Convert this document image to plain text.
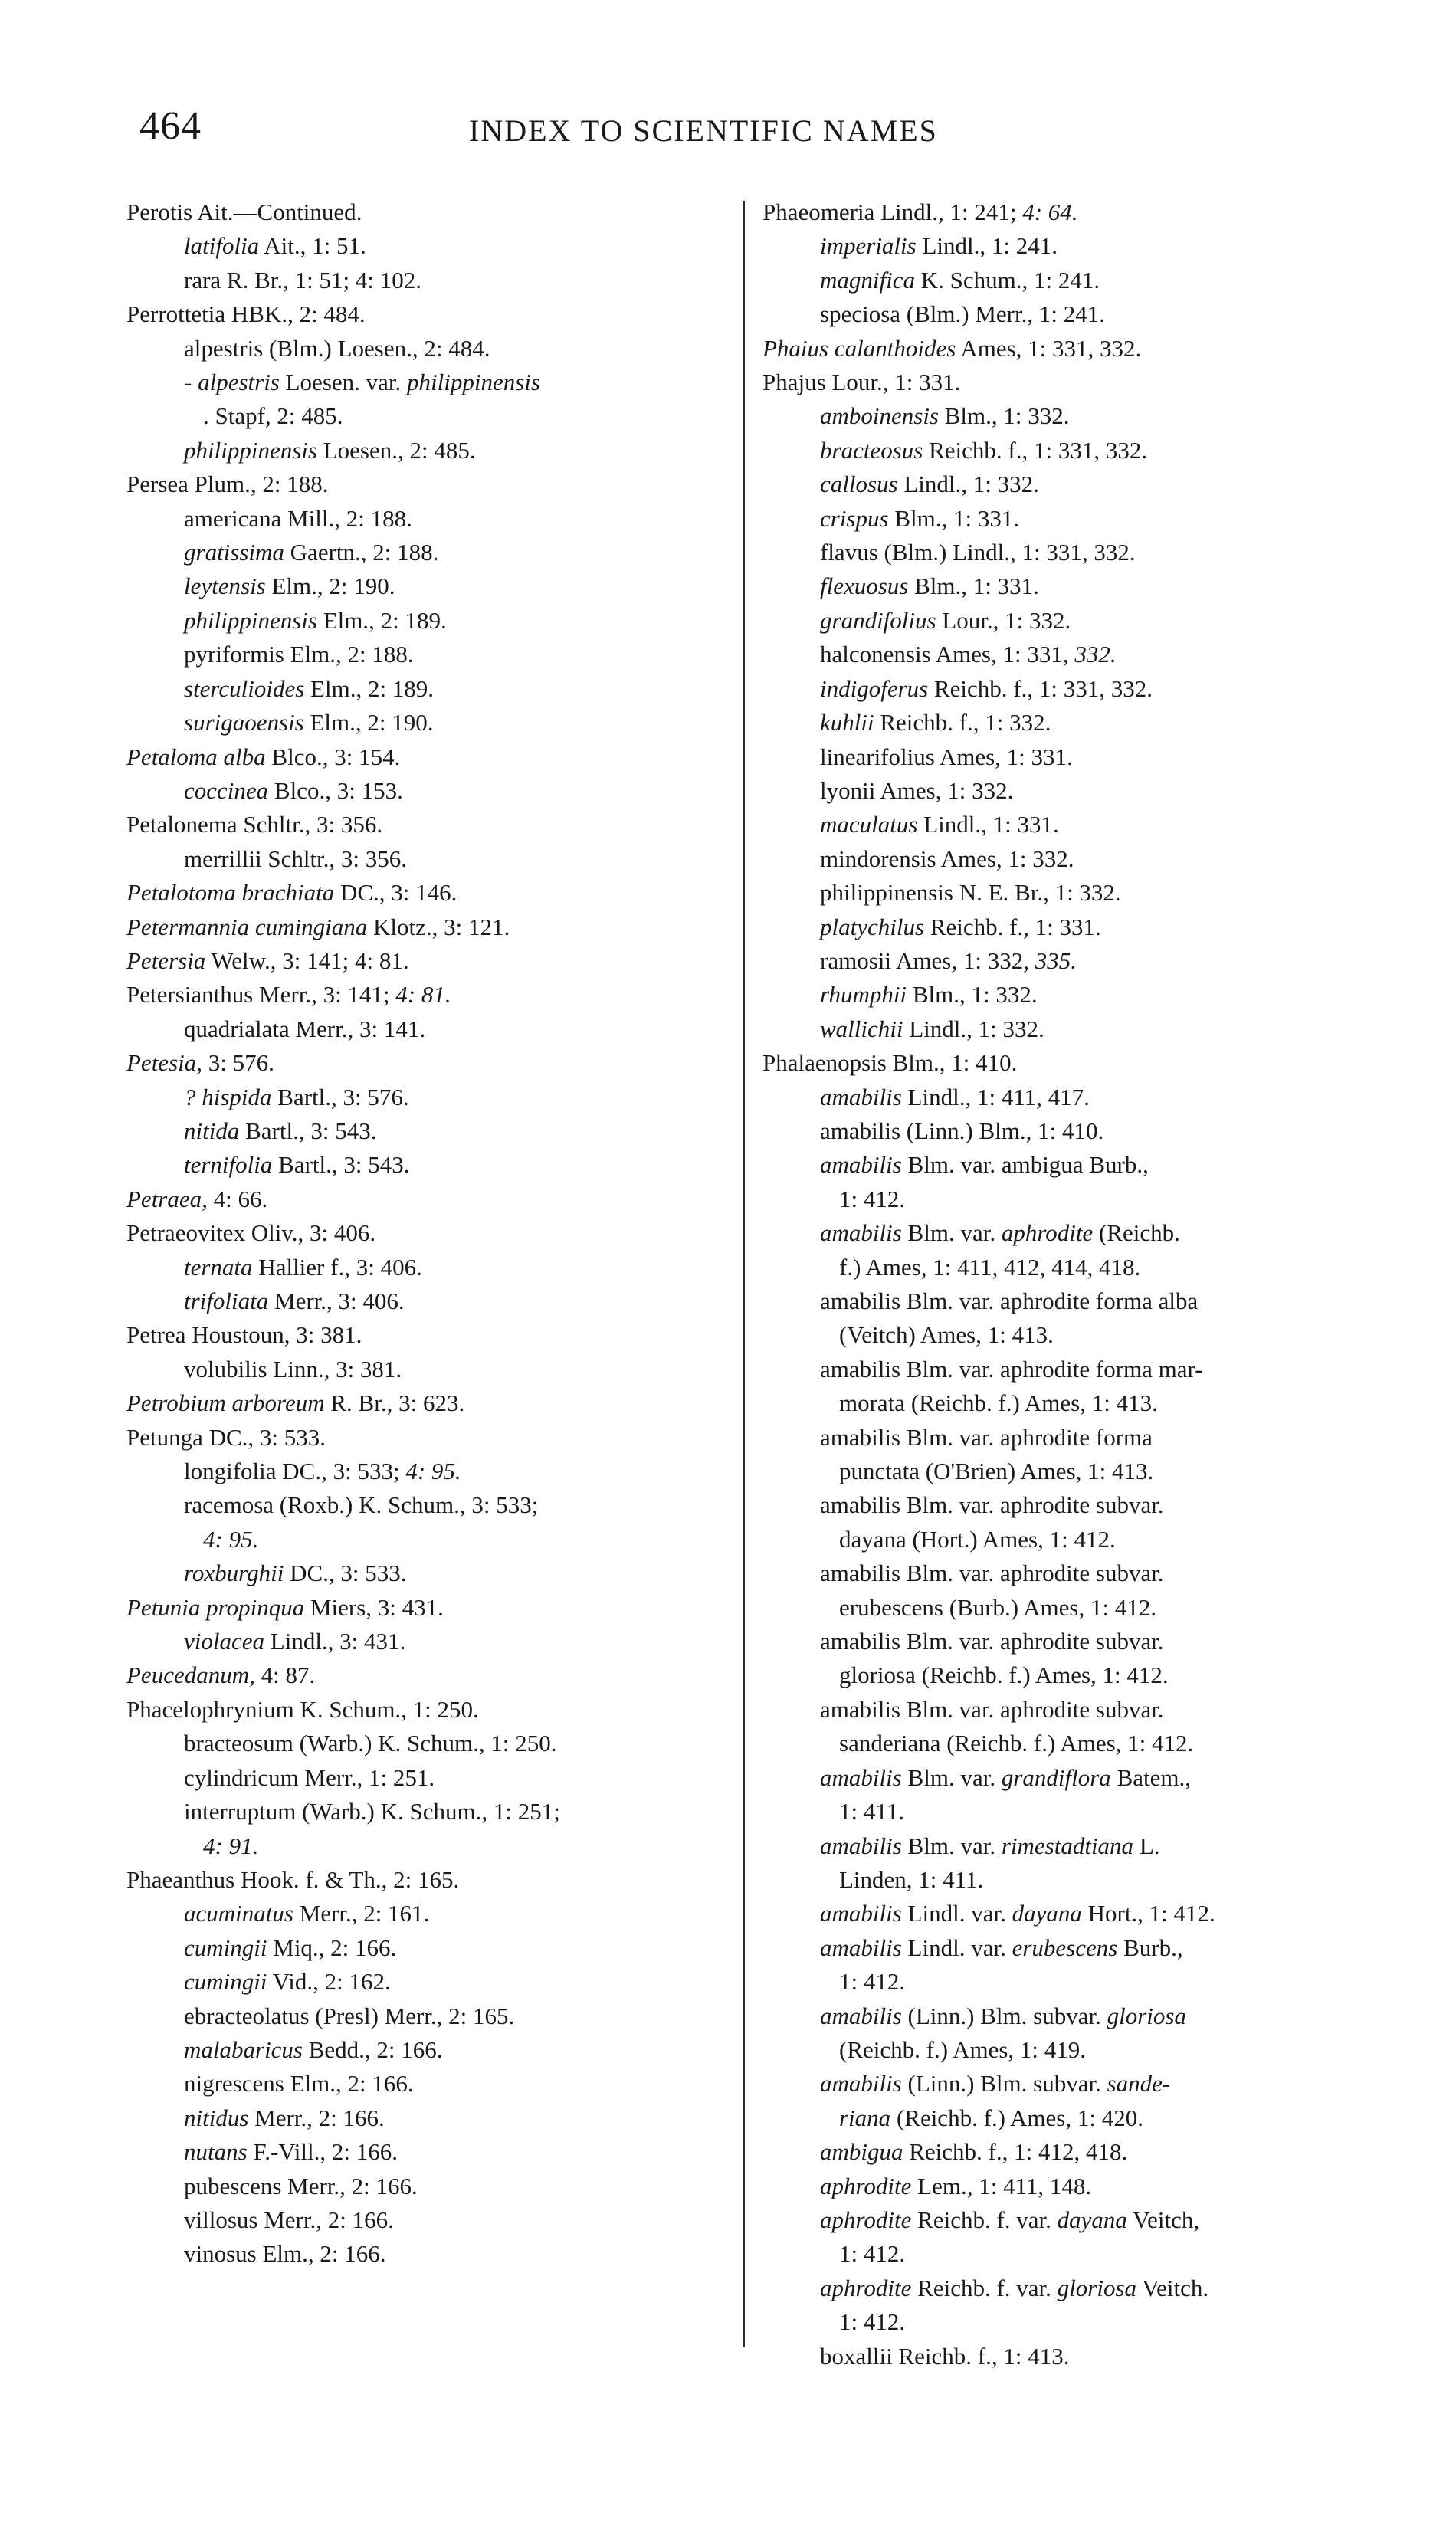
464	INDEX TO SCIENTIFIC NAMES
Perotis Ait.—Continued.
latifolia Ait., 1: 51.
rara R. Br., 1: 51; 4: 102.
Perrottetia HBK., 2: 484.
alpestris (Blm.) Loesen., 2: 484.
- alpestris Loesen. var. philippinensis
. Stapf, 2: 485.
philippinensis Loesen., 2: 485.
Persea Plum., 2: 188.
americana Mill., 2: 188.
gratissima Gaertn., 2: 188.
leytensis Elm., 2: 190.
philippinensis Elm., 2: 189.
pyriformis Elm., 2: 188.
sterculioides Elm., 2: 189.
surigaoensis Elm., 2: 190.
Petaloma alba Blco., 3: 154.
coccinea Blco., 3: 153.
Petalonema Schltr., 3: 356.
merrillii Schltr., 3: 356.
Petalotoma brachiata DC., 3: 146.
Petermannia cumingiana Klotz., 3: 121.
Petersia Welw., 3: 141; 4: 81.
Petersianthus Merr., 3: 141; 4: 81.
quadrialata Merr., 3: 141.
Petesia, 3: 576.
? hispida Bartl., 3: 576.
nitida Bartl., 3: 543.
ternifolia Bartl., 3: 543.
Petraea, 4: 66.
Petraeovitex Oliv., 3: 406.
ternata Hallier f., 3: 406.
trifoliata Merr., 3: 406.
Petrea Houstoun, 3: 381.
volubilis Linn., 3: 381.
Petrobium arboreum R. Br., 3: 623.
Petunga DC., 3: 533.
longifolia DC., 3: 533; 4: 95.
racemosa (Roxb.) K. Schum., 3: 533;
4: 95.
roxburghii DC., 3: 533.
Petunia propinqua Miers, 3: 431.
violacea Lindl., 3: 431.
Peucedanum, 4: 87.
Phacelophrynium K. Schum., 1: 250.
bracteosum (Warb.) K. Schum., 1: 250.
cylindricum Merr., 1: 251.
interruptum (Warb.) K. Schum., 1: 251;
4: 91.
Phaeanthus Hook. f. & Th., 2: 165.
acuminatus Merr., 2: 161.
cumingii Miq., 2: 166.
cumingii Vid., 2: 162.
ebracteolatus (Presl) Merr., 2: 165.
malabaricus Bedd., 2: 166.
nigrescens Elm., 2: 166.
nitidus Merr., 2: 166.
nutans F.-Vill., 2: 166.
pubescens Merr., 2: 166.
villosus Merr., 2: 166.
vinosus Elm., 2: 166.
Phaeomeria Lindl., 1: 241; 4: 64.
imperialis Lindl., 1: 241.
magnifica K. Schum., 1: 241.
speciosa (Blm.) Merr., 1: 241.
Phaius calanthoides Ames, 1: 331, 332.
Phajus Lour., 1: 331.
amboinensis Blm., 1: 332.
bracteosus Reichb. f., 1: 331, 332.
callosus Lindl., 1: 332.
crispus Blm., 1: 331.
flavus (Blm.) Lindl., 1: 331, 332.
flexuosus Blm., 1: 331.
grandifolius Lour., 1: 332.
halconensis Ames, 1: 331, 332.
indigoferus Reichb. f., 1: 331, 332.
kuhlii Reichb. f., 1: 332.
linearifolius Ames, 1: 331.
lyonii Ames, 1: 332.
maculatus Lindl., 1: 331.
mindorensis Ames, 1: 332.
philippinensis N. E. Br., 1: 332.
platychilus Reichb. f., 1: 331.
ramosii Ames, 1: 332, 335.
rhumphii Blm., 1: 332.
wallichii Lindl., 1: 332.
Phalaenopsis Blm., 1: 410.
amabilis Lindl., 1: 411, 417.
amabilis (Linn.) Blm., 1: 410.
amabilis Blm. var. ambigua Burb.,
1: 412.
amabilis Blm. var. aphrodite (Reichb.
f.) Ames, 1: 411, 412, 414, 418.
amabilis Blm. var. aphrodite forma alba
(Veitch) Ames, 1: 413.
amabilis Blm. var. aphrodite forma mar-
morata (Reichb. f.) Ames, 1: 413.
amabilis Blm. var. aphrodite forma
punctata (O'Brien) Ames, 1: 413.
amabilis Blm. var. aphrodite subvar.
dayana (Hort.) Ames, 1: 412.
amabilis Blm. var. aphrodite subvar.
erubescens (Burb.) Ames, 1: 412.
amabilis Blm. var. aphrodite subvar.
gloriosa (Reichb. f.) Ames, 1: 412.
amabilis Blm. var. aphrodite subvar.
sanderiana (Reichb. f.) Ames, 1: 412.
amabilis Blm. var. grandiflora Batem.,
1: 411.
amabilis Blm. var. rimestadtiana L.
Linden, 1: 411.
amabilis Lindl. var. dayana Hort., 1: 412.
amabilis Lindl. var. erubescens Burb.,
1: 412.
amabilis (Linn.) Blm. subvar. gloriosa
(Reichb. f.) Ames, 1: 419.
amabilis (Linn.) Blm. subvar. sande-
riana (Reichb. f.) Ames, 1: 420.
ambigua Reichb. f., 1: 412, 418.
aphrodite Lem., 1: 411, 148.
aphrodite Reichb. f. var. dayana Veitch,
1: 412.
aphrodite Reichb. f. var. gloriosa Veitch.
1: 412.
boxallii Reichb. f., 1: 413.
